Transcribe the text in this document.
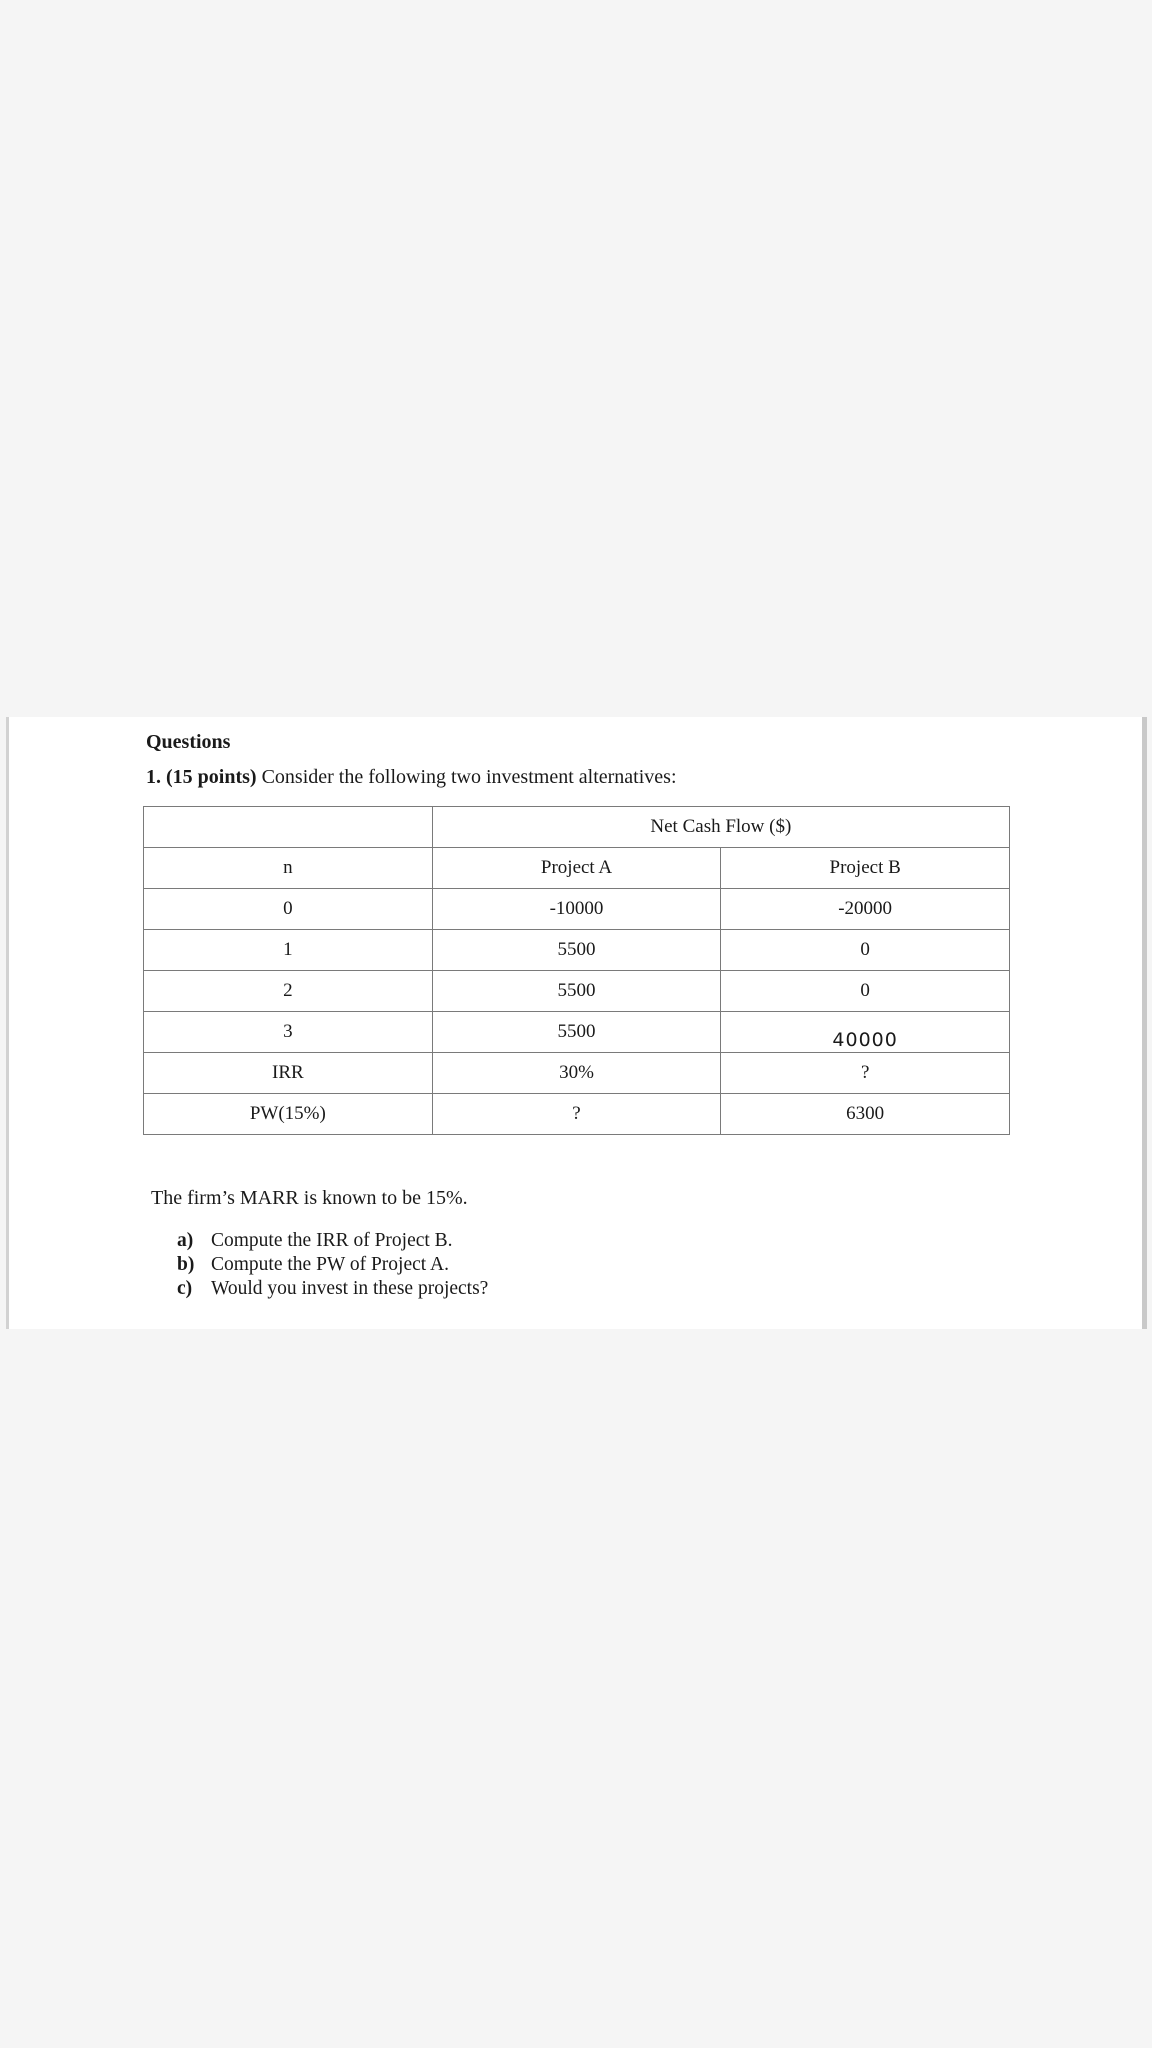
Questions
1. (15 points) Consider the following two investment alternatives:
	Net Cash Flow ($)	
n	Project A	Project B
0	-10000	-20000
1	5500	0
2	5500	0
3	5500	40000
IRR	30%	?
PW(15%)	?	6300
The firm’s MARR is known to be 15%.
a) Compute the IRR of Project B.
b) Compute the PW of Project A.
c) Would you invest in these projects?
